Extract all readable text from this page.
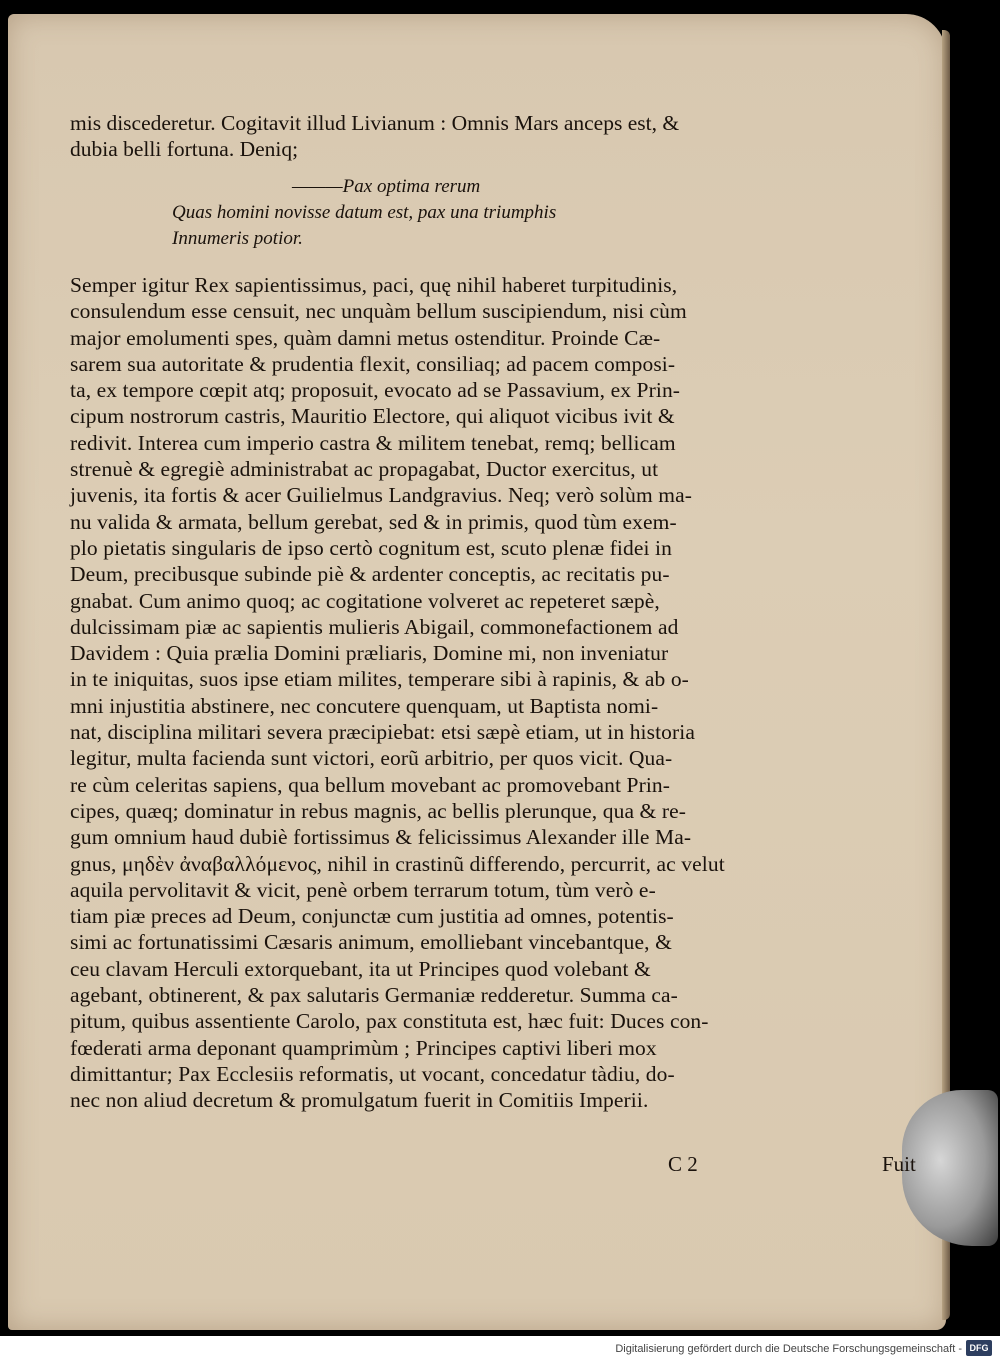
mis discederetur. Cogitavit illud Livianum : Omnis Mars anceps est, &
dubia belli fortuna. Deniq;
———Pax optima rerum
Quas homini novisse datum est, pax una triumphis
Innumeris potior.
Semper igitur Rex sapientissimus, paci, quę nihil haberet turpitudinis,
consulendum esse censuit, nec unquàm bellum suscipiendum, nisi cùm
major emolumenti spes, quàm damni metus ostenditur. Proinde Cæ-
sarem sua autoritate & prudentia flexit, consiliaq; ad pacem composi-
ta, ex tempore cœpit atq; proposuit, evocato ad se Passavium, ex Prin-
cipum nostrorum castris, Mauritio Electore, qui aliquot vicibus ivit &
redivit. Interea cum imperio castra & militem tenebat, remq; bellicam
strenuè & egregiè administrabat ac propagabat, Ductor exercitus, ut
juvenis, ita fortis & acer Guilielmus Landgravius. Neq; verò solùm ma-
nu valida & armata, bellum gerebat, sed & in primis, quod tùm exem-
plo pietatis singularis de ipso certò cognitum est, scuto plenæ fidei in
Deum, precibusque subinde piè & ardenter conceptis, ac recitatis pu-
gnabat. Cum animo quoq; ac cogitatione volveret ac repeteret sæpè,
dulcissimam piæ ac sapientis mulieris Abigail, commonefactionem ad
Davidem : Quia prælia Domini præliaris, Domine mi, non inveniatur
in te iniquitas, suos ipse etiam milites, temperare sibi à rapinis, & ab o-
mni injustitia abstinere, nec concutere quenquam, ut Baptista nomi-
nat, disciplina militari severa præcipiebat: etsi sæpè etiam, ut in historia
legitur, multa facienda sunt victori, eorũ arbitrio, per quos vicit. Qua-
re cùm celeritas sapiens, qua bellum movebant ac promovebant Prin-
cipes, quæq; dominatur in rebus magnis, ac bellis plerunque, qua & re-
gum omnium haud dubiè fortissimus & felicissimus Alexander ille Ma-
gnus, μηδὲν ἀναβαλλόμενος, nihil in crastinũ differendo, percurrit, ac velut
aquila pervolitavit & vicit, penè orbem terrarum totum, tùm verò e-
tiam piæ preces ad Deum, conjunctæ cum justitia ad omnes, potentis-
simi ac fortunatissimi Cæsaris animum, emolliebant vincebantque, &
ceu clavam Herculi extorquebant, ita ut Principes quod volebant &
agebant, obtinerent, & pax salutaris Germaniæ redderetur. Summa ca-
pitum, quibus assentiente Carolo, pax constituta est, hæc fuit: Duces con-
fœderati arma deponant quamprimùm ; Principes captivi liberi mox
dimittantur; Pax Ecclesiis reformatis, ut vocant, concedatur tàdiu, do-
nec non aliud decretum & promulgatum fuerit in Comitiis Imperii.
C 2	Fuit
Digitalisierung gefördert durch die Deutsche Forschungsgemeinschaft - DFG
